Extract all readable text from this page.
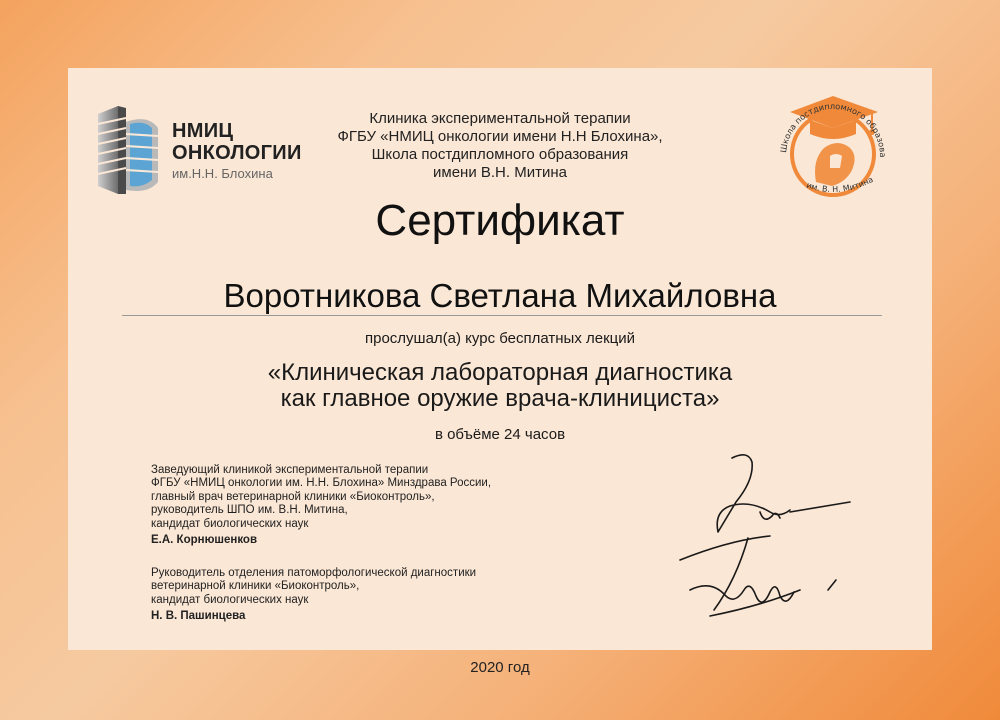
НМИЦ
ОНКОЛОГИИ
им.Н.Н. Блохина
Клиника экспериментальной терапии
ФГБУ «НМИЦ онкологии имени Н.Н Блохина»,
Школа постдипломного образования
имени В.Н. Митина
Школа постдипломного образова
им. В. Н. Митина
Сертификат
Воротникова Светлана Михайловна
прослушал(а) курс бесплатных лекций
«Клиническая лабораторная диагностика
как главное оружие врача-клинициста»
в объёме 24 часов
Заведующий клиникой экспериментальной терапии
ФГБУ «НМИЦ онкологии им. Н.Н. Блохина» Минздрава России,
главный врач ветеринарной клиники «Биоконтроль»,
руководитель ШПО им. В.Н. Митина,
кандидат биологических наук
Е.А. Корнюшенков
Руководитель отделения патоморфологической диагностики
ветеринарной клиники «Биоконтроль»,
кандидат биологических наук
Н. В. Пашинцева
2020 год
